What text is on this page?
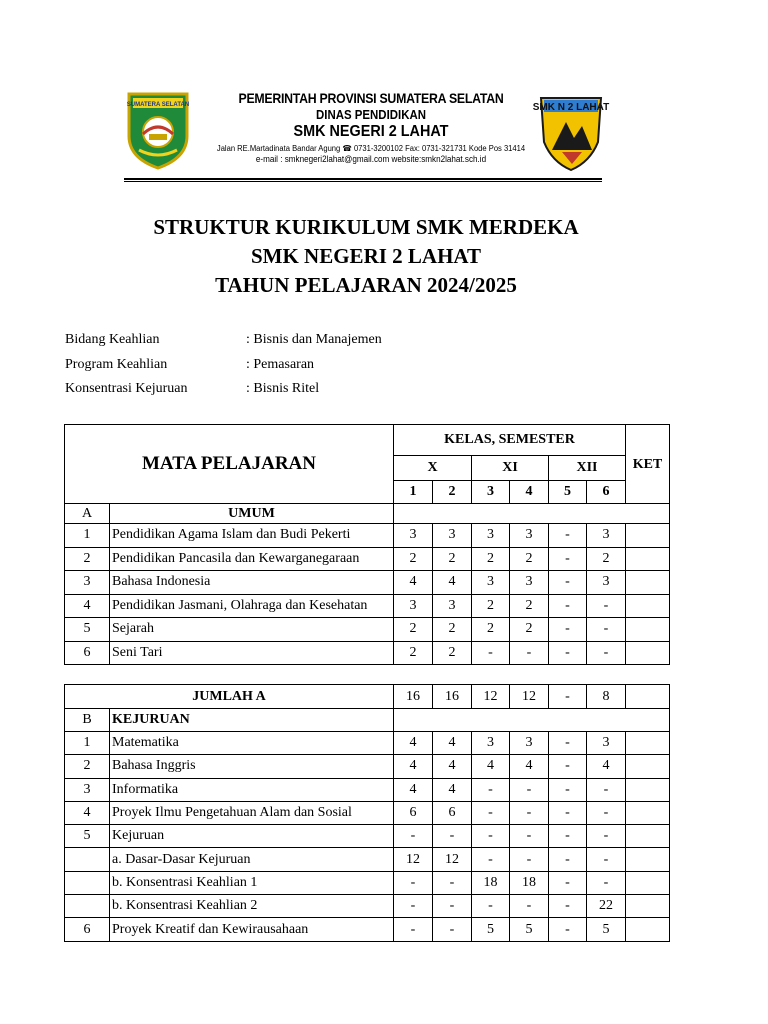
SUMATERA SELATAN	PEMERINTAH PROVINSI SUMATERA SELATAN
DINAS PENDIDIKAN
SMK NEGERI 2 LAHAT
Jalan RE.Martadinata Bandar Agung ☎ 0731-3200102 Fax: 0731-321731 Kode Pos 31414
e-mail : smknegeri2lahat@gmail.com website:smkn2lahat.sch.id
SMK N 2 LAHAT
STRUKTUR KURIKULUM SMK MERDEKA
SMK NEGERI 2 LAHAT
TAHUN PELAJARAN 2024/2025
Bidang Keahlian	: Bisnis dan Manajemen
Program Keahlian	: Pemasaran
Konsentrasi Kejuruan	: Bisnis Ritel
MATA PELAJARAN		KELAS, SEMESTER						KET
		X		XI		XII		
		1	2	3	4	5	6	
A	UMUM							
1	Pendidikan Agama Islam dan Budi Pekerti	3	3	3	3	-	3	
2	Pendidikan Pancasila dan Kewarganegaraan	2	2	2	2	-	2	
3	Bahasa Indonesia	4	4	3	3	-	3	
4	Pendidikan Jasmani, Olahraga dan Kesehatan	3	3	2	2	-	-	
5	Sejarah	2	2	2	2	-	-	
6	Seni Tari	2	2	-	-	-	-	
JUMLAH A		16	16	12	12	-	8	
B	KEJURUAN							
1	Matematika	4	4	3	3	-	3	
2	Bahasa Inggris	4	4	4	4	-	4	
3	Informatika	4	4	-	-	-	-	
4	Proyek Ilmu Pengetahuan Alam dan Sosial	6	6	-	-	-	-	
5	Kejuruan	-	-	-	-	-	-	
	a. Dasar-Dasar Kejuruan	12	12	-	-	-	-	
	b. Konsentrasi Keahlian 1	-	-	18	18	-	-	
	b. Konsentrasi Keahlian 2	-	-	-	-	-	22	
6	Proyek Kreatif dan Kewirausahaan	-	-	5	5	-	5	
